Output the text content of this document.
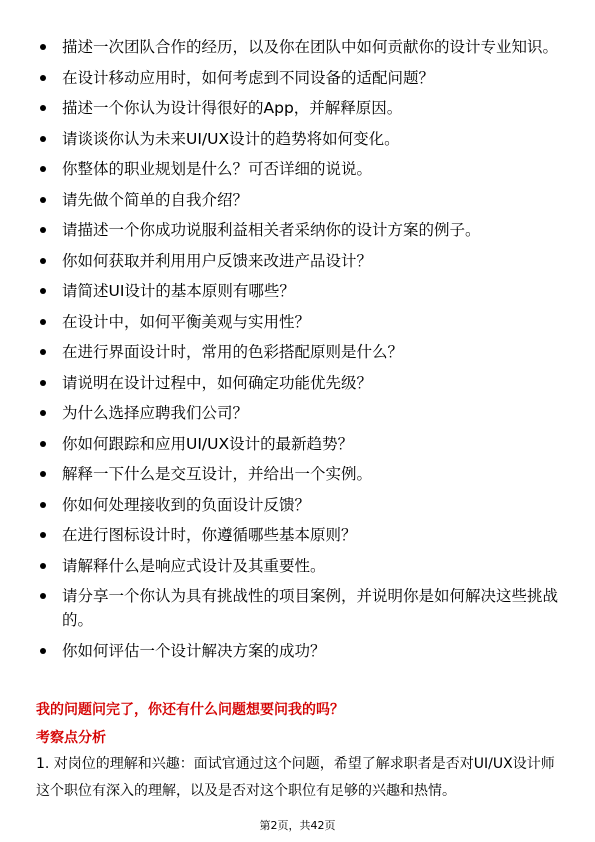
描述一次团队合作的经历，以及你在团队中如何贡献你的设计专业知识。
在设计移动应用时，如何考虑到不同设备的适配问题？
描述一个你认为设计得很好的App，并解释原因。
请谈谈你认为未来UI/UX设计的趋势将如何变化。
你整体的职业规划是什么？可否详细的说说。
请先做个简单的自我介绍？
请描述一个你成功说服利益相关者采纳你的设计方案的例子。
你如何获取并利用用户反馈来改进产品设计？
请简述UI设计的基本原则有哪些？
在设计中，如何平衡美观与实用性？
在进行界面设计时，常用的色彩搭配原则是什么？
请说明在设计过程中，如何确定功能优先级？
为什么选择应聘我们公司？
你如何跟踪和应用UI/UX设计的最新趋势？
解释一下什么是交互设计，并给出一个实例。
你如何处理接收到的负面设计反馈？
在进行图标设计时，你遵循哪些基本原则？
请解释什么是响应式设计及其重要性。
请分享一个你认为具有挑战性的项目案例，并说明你是如何解决这些挑战的。
你如何评估一个设计解决方案的成功？

我的问题问完了，你还有什么问题想要问我的吗？

考察点分析

1. 对岗位的理解和兴趣：面试官通过这个问题，希望了解求职者是否对UI/UX设计师这个职位有深入的理解，以及是否对这个职位有足够的兴趣和热情。

第2页，共42页
